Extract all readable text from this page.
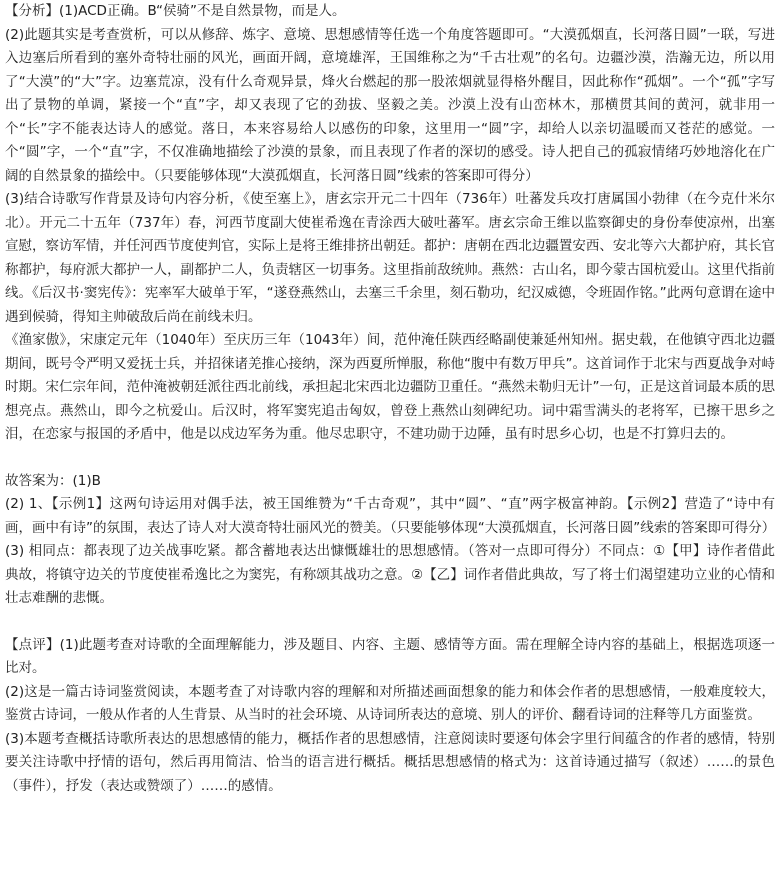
【分析】(1)ACD正确。B“侯骑”不是自然景物，而是人。

(2)此题其实是考查赏析，可以从修辞、炼字、意境、思想感情等任选一个角度答题即可。“大漠孤烟直，长河落日圆”一联，写进入边塞后所看到的塞外奇特壮丽的风光，画面开阔，意境雄浑，王国维称之为“千古壮观”的名句。边疆沙漠，浩瀚无边，所以用了“大漠”的“大”字。边塞荒凉，没有什么奇观异景，烽火台燃起的那一股浓烟就显得格外醒目，因此称作“孤烟”。一个“孤”字写出了景物的单调，紧接一个“直”字，却又表现了它的劲拔、坚毅之美。沙漠上没有山峦林木，那横贯其间的黄河，就非用一个“长”字不能表达诗人的感觉。落日，本来容易给人以感伤的印象，这里用一“圆”字，却给人以亲切温暖而又苍茫的感觉。一个“圆”字，一个“直”字，不仅准确地描绘了沙漠的景象，而且表现了作者的深切的感受。诗人把自己的孤寂情绪巧妙地溶化在广阔的自然景象的描绘中。（只要能够体现“大漠孤烟直，长河落日圆”线索的答案即可得分）

(3)结合诗歌写作背景及诗句内容分析，《使至塞上》，唐玄宗开元二十四年（736年）吐蕃发兵攻打唐属国小勃律（在今克什米尔北）。开元二十五年（737年）春，河西节度副大使崔希逸在青涂西大破吐蕃军。唐玄宗命王维以监察御史的身份奉使凉州，出塞宣慰，察访军情，并任河西节度使判官，实际上是将王维排挤出朝廷。都护：唐朝在西北边疆置安西、安北等六大都护府，其长官称都护，每府派大都护一人，副都护二人，负责辖区一切事务。这里指前敌统帅。燕然：古山名，即今蒙古国杭爱山。这里代指前线。《后汉书·窦宪传》：宪率军大破单于军，“遂登燕然山，去塞三千余里，刻石勒功，纪汉威德，令班固作铭。”此两句意谓在途中遇到候骑，得知主帅破敌后尚在前线未归。

《渔家傲》，宋康定元年（1040年）至庆历三年（1043年）间，范仲淹任陕西经略副使兼延州知州。据史载，在他镇守西北边疆期间，既号令严明又爱抚士兵，并招徕诸羌推心接纳，深为西夏所惮服，称他“腹中有数万甲兵”。这首词作于北宋与西夏战争对峙时期。宋仁宗年间，范仲淹被朝廷派往西北前线，承担起北宋西北边疆防卫重任。“燕然未勒归无计”一句，正是这首词最本质的思想亮点。燕然山，即今之杭爱山。后汉时，将军窦宪追击匈奴，曾登上燕然山刻碑纪功。词中霜雪满头的老将军，已擦干思乡之泪，在恋家与报国的矛盾中，他是以戍边军务为重。他尽忠职守，不建功勋于边陲，虽有时思乡心切，也是不打算归去的。

故答案为：(1)B

(2) 1、【示例1】这两句诗运用对偶手法，被王国维赞为“千古奇观”，其中“圆”、“直”两字极富神韵。【示例2】营造了“诗中有画，画中有诗”的氛围，表达了诗人对大漠奇特壮丽风光的赞美。（只要能够体现“大漠孤烟直，长河落日圆”线索的答案即可得分）

(3) 相同点：都表现了边关战事吃紧。都含蓄地表达出慷慨雄壮的思想感情。（答对一点即可得分）不同点：①【甲】诗作者借此典故，将镇守边关的节度使崔希逸比之为窦宪，有称颂其战功之意。②【乙】词作者借此典故，写了将士们渴望建功立业的心情和壮志难酬的悲慨。

【点评】(1)此题考查对诗歌的全面理解能力，涉及题目、内容、主题、感情等方面。需在理解全诗内容的基础上，根据选项逐一比对。

(2)这是一篇古诗词鉴赏阅读，本题考查了对诗歌内容的理解和对所描述画面想象的能力和体会作者的思想感情，一般难度较大，鉴赏古诗词，一般从作者的人生背景、从当时的社会环境、从诗词所表达的意境、别人的评价、翻看诗词的注释等几方面鉴赏。

(3)本题考查概括诗歌所表达的思想感情的能力，概括作者的思想感情，注意阅读时要逐句体会字里行间蕴含的作者的感情，特别要关注诗歌中抒情的语句，然后再用简洁、恰当的语言进行概括。概括思想感情的格式为：这首诗通过描写（叙述）……的景色（事件），抒发（表达或赞颂了）……的感情。
